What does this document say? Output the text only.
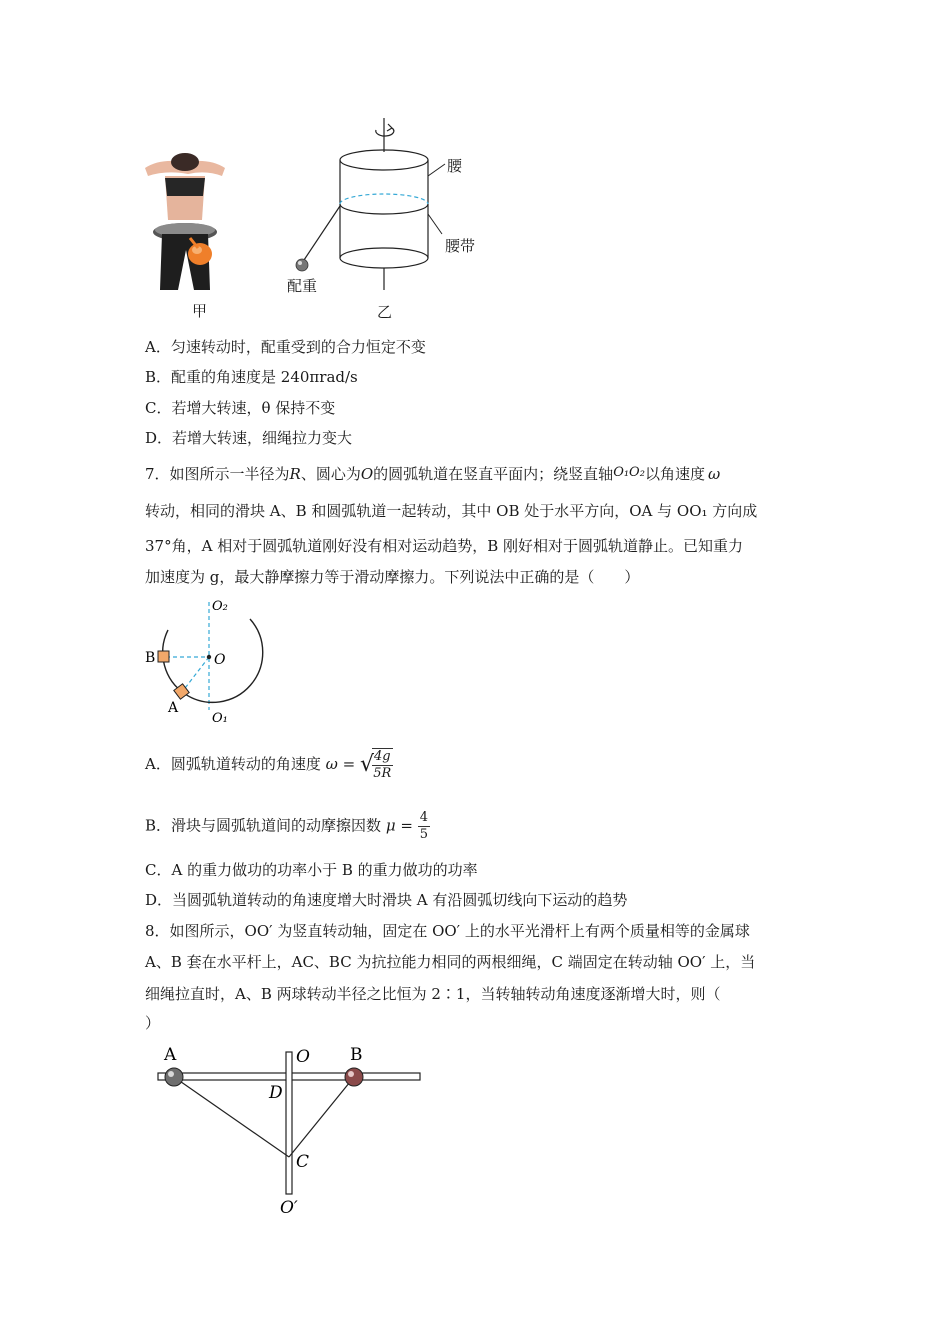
甲
腰
腰带
配重
乙
A．匀速转动时，配重受到的合力恒定不变
B．配重的角速度是 240πrad/s
C．若增大转速，θ 保持不变
D．若增大转速，细绳拉力变大
7．如图所示一半径为R、圆心为O的圆弧轨道在竖直平面内；绕竖直轴O₁O₂以角速度 ω
转动，相同的滑块 A、B 和圆弧轨道一起转动，其中 OB 处于水平方向，OA 与 OO₁ 方向成
37°角，A 相对于圆弧轨道刚好没有相对运动趋势，B 刚好相对于圆弧轨道静止。已知重力
加速度为 g，最大静摩擦力等于滑动摩擦力。下列说法中正确的是（　　）
O₂
O
O₁
B
A
A．圆弧轨道转动的角速度 ω = √
$\frac{4g}{5R}$
B．滑块与圆弧轨道间的动摩擦因数 $\mu = \frac{4}{5}$
C．A 的重力做功的功率小于 B 的重力做功的功率
D．当圆弧轨道转动的角速度增大时滑块 A 有沿圆弧切线向下运动的趋势
8．如图所示，OO′ 为竖直转动轴，固定在 OO′ 上的水平光滑杆上有两个质量相等的金属球
A、B 套在水平杆上，AC、BC 为抗拉能力相同的两根细绳，C 端固定在转动轴 OO′ 上，当
细绳拉直时，A、B 两球转动半径之比恒为 2∶1，当转轴转动角速度逐渐增大时，则（
）
A	B
O
D
C
O′
